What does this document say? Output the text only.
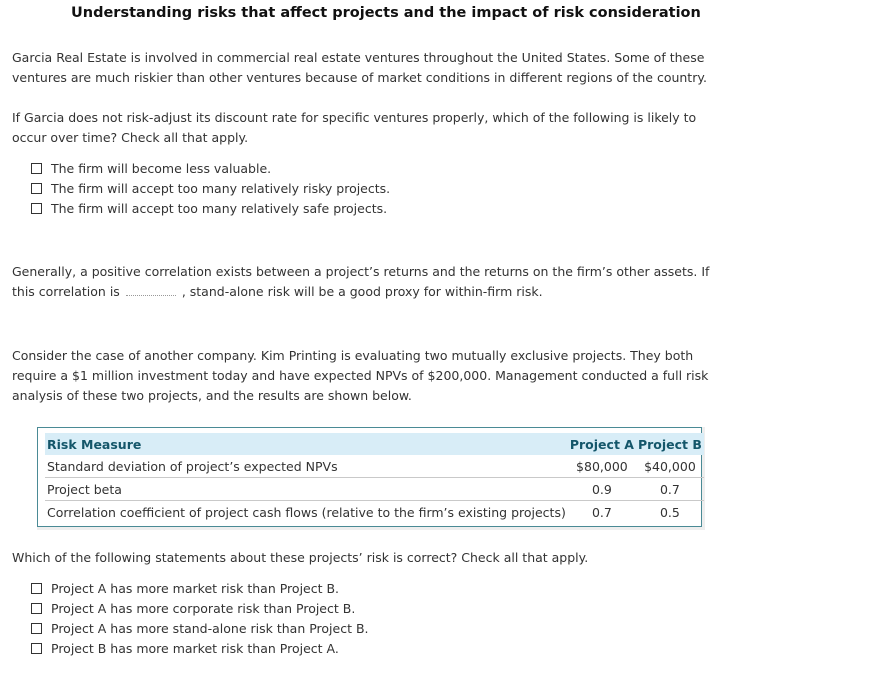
Understanding risks that affect projects and the impact of risk consideration

Garcia Real Estate is involved in commercial real estate ventures throughout the United States. Some of these ventures are much riskier than other ventures because of market conditions in different regions of the country.

If Garcia does not risk-adjust its discount rate for specific ventures properly, which of the following is likely to occur over time? Check all that apply.

The firm will become less valuable.
The firm will accept too many relatively risky projects.
The firm will accept too many relatively safe projects.

Generally, a positive correlation exists between a project’s returns and the returns on the firm’s other assets. If this correlation is	, stand-alone risk will be a good proxy for within-firm risk.

Consider the case of another company. Kim Printing is evaluating two mutually exclusive projects. They both require a $1 million investment today and have expected NPVs of $200,000. Management conducted a full risk analysis of these two projects, and the results are shown below.

Risk Measure	Project A	Project B
Standard deviation of project’s expected NPVs	$80,000	$40,000
Project beta	0.9	0.7
Correlation coefficient of project cash flows (relative to the firm’s existing projects)	0.7	0.5

Which of the following statements about these projects’ risk is correct? Check all that apply.

Project A has more market risk than Project B.
Project A has more corporate risk than Project B.
Project A has more stand-alone risk than Project B.
Project B has more market risk than Project A.
